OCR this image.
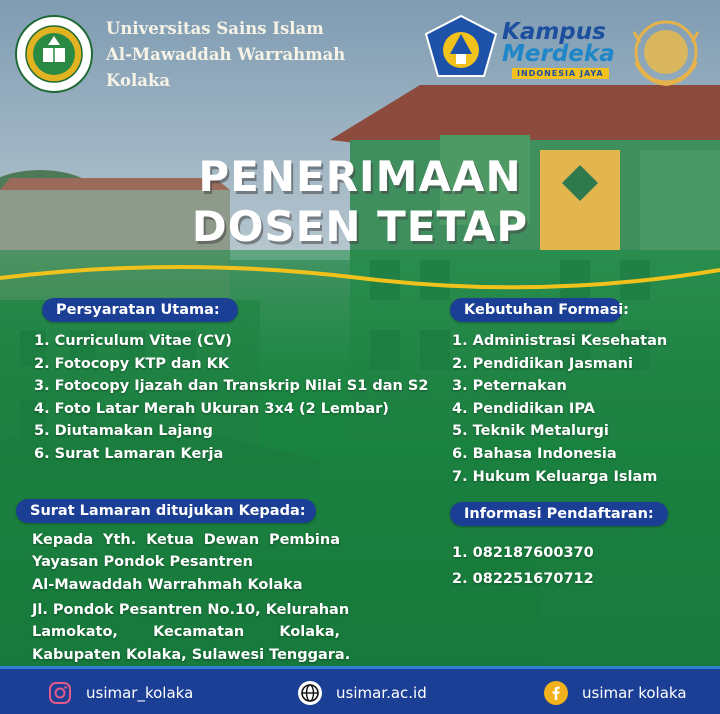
Universitas Sains Islam
Al-Mawaddah Warrahmah
Kolaka
Kampus
Merdeka
INDONESIA JAYA
PENERIMAAN
DOSEN TETAP
Persyaratan Utama:
1. Curriculum Vitae (CV)
2. Fotocopy KTP dan KK
3. Fotocopy Ijazah dan Transkrip Nilai S1 dan S2
4. Foto Latar Merah Ukuran 3x4 (2 Lembar)
5. Diutamakan Lajang
6. Surat Lamaran Kerja
Surat Lamaran ditujukan Kepada:
Kepada Yth. Ketua Dewan Pembina
Yayasan Pondok Pesantren
Al-Mawaddah Warrahmah Kolaka
Jl. Pondok Pesantren No.10, Kelurahan
Lamokato, Kecamatan Kolaka,
Kabupaten Kolaka, Sulawesi Tenggara.
Kebutuhan Formasi:
1. Administrasi Kesehatan
2. Pendidikan Jasmani
3. Peternakan
4. Pendidikan IPA
5. Teknik Metalurgi
6. Bahasa Indonesia
7. Hukum Keluarga Islam
Informasi Pendaftaran:
1. 082187600370
2. 082251670712
usimar_kolaka	usimar.ac.id	usimar kolaka
